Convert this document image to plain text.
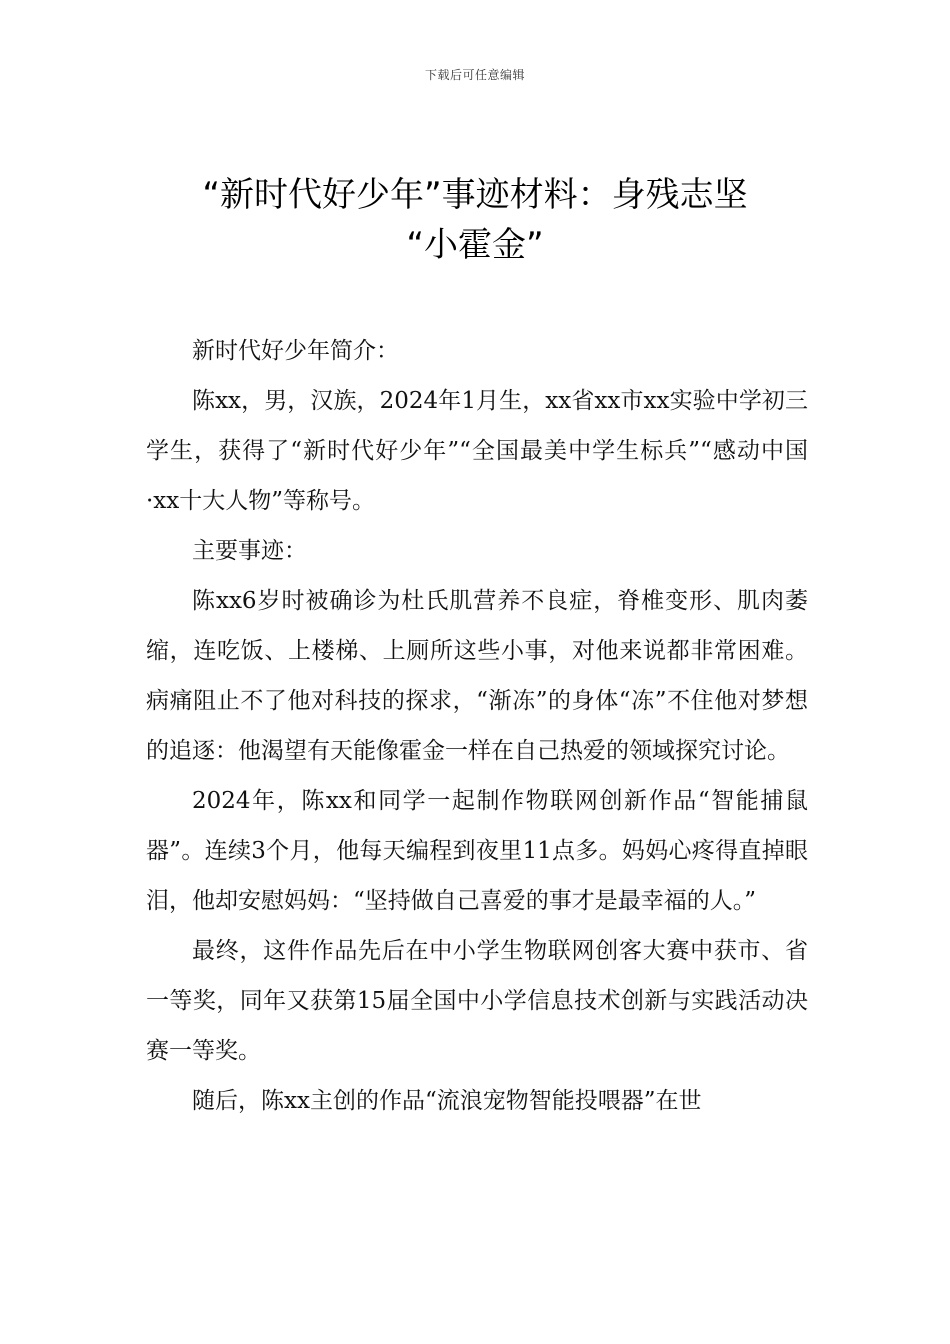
下载后可任意编辑
“新时代好少年”事迹材料：身残志坚
“小霍金”

新时代好少年简介：

陈xx，男，汉族，2024年1月生，xx省xx市xx实验中学初三学生，获得了“新时代好少年”“全国最美中学生标兵”“感动中国·xx十大人物”等称号。

主要事迹：

陈xx6岁时被确诊为杜氏肌营养不良症，脊椎变形、肌肉萎缩，连吃饭、上楼梯、上厕所这些小事，对他来说都非常困难。病痛阻止不了他对科技的探求，“渐冻”的身体“冻”不住他对梦想的追逐：他渴望有天能像霍金一样在自己热爱的领域探究讨论。

2024年，陈xx和同学一起制作物联网创新作品“智能捕鼠器”。连续3个月，他每天编程到夜里11点多。妈妈心疼得直掉眼泪，他却安慰妈妈：“坚持做自己喜爱的事才是最幸福的人。”

最终，这件作品先后在中小学生物联网创客大赛中获市、省一等奖，同年又获第15届全国中小学信息技术创新与实践活动决赛一等奖。

随后，陈xx主创的作品“流浪宠物智能投喂器”在世
